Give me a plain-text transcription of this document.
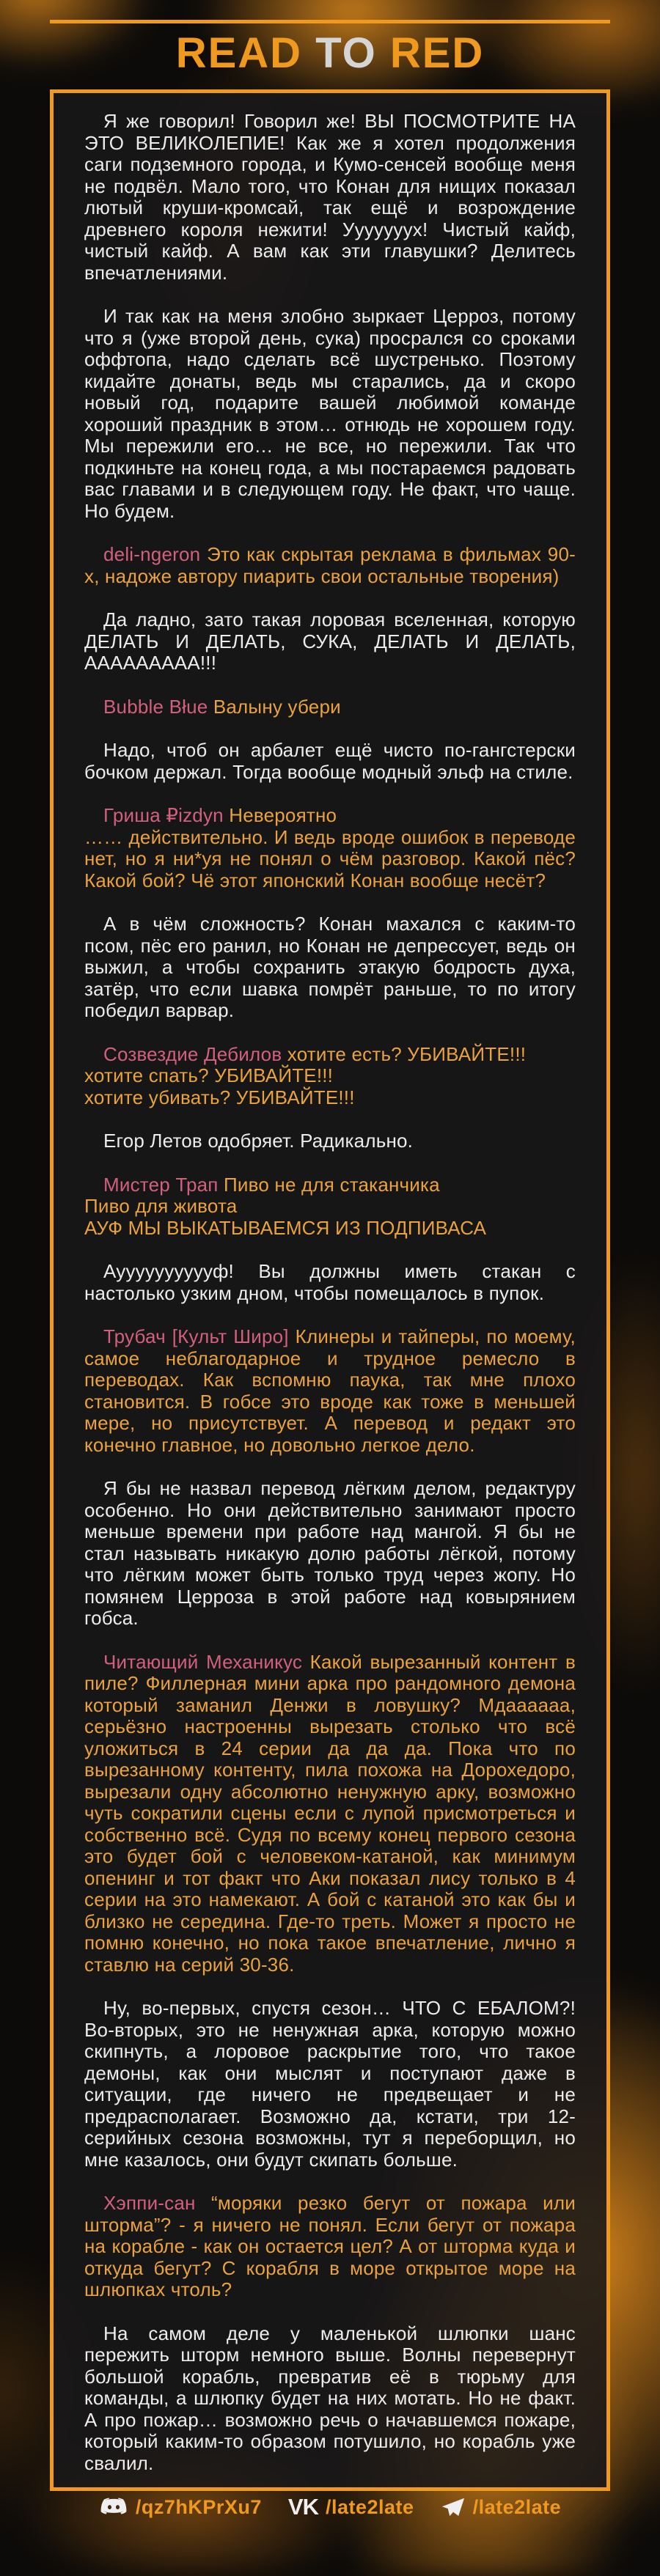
READ TO RED

Я же говорил! Говорил же! ВЫ ПОСМОТРИТЕ НА ЭТО ВЕЛИКОЛЕПИЕ! Как же я хотел продолжения саги подземного города, и Кумо-сенсей вообще меня не подвёл. Мало того, что Конан для нищих показал лютый круши-кромсай, так ещё и возрождение древнего короля нежити! Ууууууух! Чистый кайф, чистый кайф. А вам как эти главушки? Делитесь впечатлениями.

И так как на меня злобно зыркает Церроз, потому что я (уже второй день, сука) просрался со сроками оффтопа, надо сделать всё шустренько. Поэтому кидайте донаты, ведь мы старались, да и скоро новый год, подарите вашей любимой команде хороший праздник в этом… отнюдь не хорошем году. Мы пережили его… не все, но пережили. Так что подкиньте на конец года, а мы постараемся радовать вас главами и в следующем году. Не факт, что чаще. Но будем.

deli-ngeron Это как скрытая реклама в фильмах 90-х, надоже автору пиарить свои остальные творения)

Да ладно, зато такая лоровая вселенная, которую ДЕЛАТЬ И ДЕЛАТЬ, СУКА, ДЕЛАТЬ И ДЕЛАТЬ, ААААААААА!!!

Bubble Błue Валыну убери

Надо, чтоб он арбалет ещё чисто по-гангстерски бочком держал. Тогда вообще модный эльф на стиле.

Гриша ₽izdyn Невероятно
…… действительно. И ведь вроде ошибок в переводе нет, но я ни*уя не понял о чём разговор. Какой пёс? Какой бой? Чё этот японский Конан вообще несёт?

А в чём сложность? Конан махался с каким-то псом, пёс его ранил, но Конан не депрессует, ведь он выжил, а чтобы сохранить этакую бодрость духа, затёр, что если шавка помрёт раньше, то по итогу победил варвар.

Созвездие Дебилов хотите есть? УБИВАЙТЕ!!!
хотите спать? УБИВАЙТЕ!!!
хотите убивать? УБИВАЙТЕ!!!

Егор Летов одобряет. Радикально.

Мистер Трап Пиво не для стаканчика
Пиво для живота
АУФ МЫ ВЫКАТЫВАЕМСЯ ИЗ ПОДПИВАСА

Аууууууууууф! Вы должны иметь стакан с настолько узким дном, чтобы помещалось в пупок.

Трубач [Культ Широ] Клинеры и тайперы, по моему, самое неблагодарное и трудное ремесло в переводах. Как вспомню паука, так мне плохо становится. В гобсе это вроде как тоже в меньшей мере, но присутствует. А перевод и редакт это конечно главное, но довольно легкое дело.

Я бы не назвал перевод лёгким делом, редактуру особенно. Но они действительно занимают просто меньше времени при работе над мангой. Я бы не стал называть никакую долю работы лёгкой, потому что лёгким может быть только труд через жопу. Но помянем Церроза в этой работе над ковырянием гобса.

Читающий Механикус Какой вырезанный контент в пиле? Филлерная мини арка про рандомного демона который заманил Денжи в ловушку? Мдаааааа, серьёзно настроенны вырезать столько что всё уложиться в 24 серии да да да. Пока что по вырезанному контенту, пила похожа на Дорохедоро, вырезали одну абсолютно ненужную арку, возможно чуть сократили сцены если с лупой присмотреться и собственно всё. Судя по всему конец первого сезона это будет бой с человеком-катаной, как минимум опенинг и тот факт что Аки показал лису только в 4 серии на это намекают. А бой с катаной это как бы и близко не середина. Где-то треть. Может я просто не помню конечно, но пока такое впечатление, лично я ставлю на серий 30-36.

Ну, во-первых, спустя сезон… ЧТО С ЕБАЛОМ?! Во-вторых, это не ненужная арка, которую можно скипнуть, а лоровое раскрытие того, что такое демоны, как они мыслят и поступают даже в ситуации, где ничего не предвещает и не предрасполагает. Возможно да, кстати, три 12-серийных сезона возможны, тут я переборщил, но мне казалось, они будут скипать больше.

Хэппи-сан “моряки резко бегут от пожара или шторма”? - я ничего не понял. Если бегут от пожара на корабле - как он остается цел? А от шторма куда и откуда бегут? С корабля в море открытое море на шлюпках чтоль?

На самом деле у маленькой шлюпки шанс пережить шторм немного выше. Волны перевернут большой корабль, превратив её в тюрьму для команды, а шлюпку будет на них мотать. Но не факт. А про пожар… возможно речь о начавшемся пожаре, который каким-то образом потушило, но корабль уже свалил.

/qz7hKPrXu7 VK /late2late	/late2late
